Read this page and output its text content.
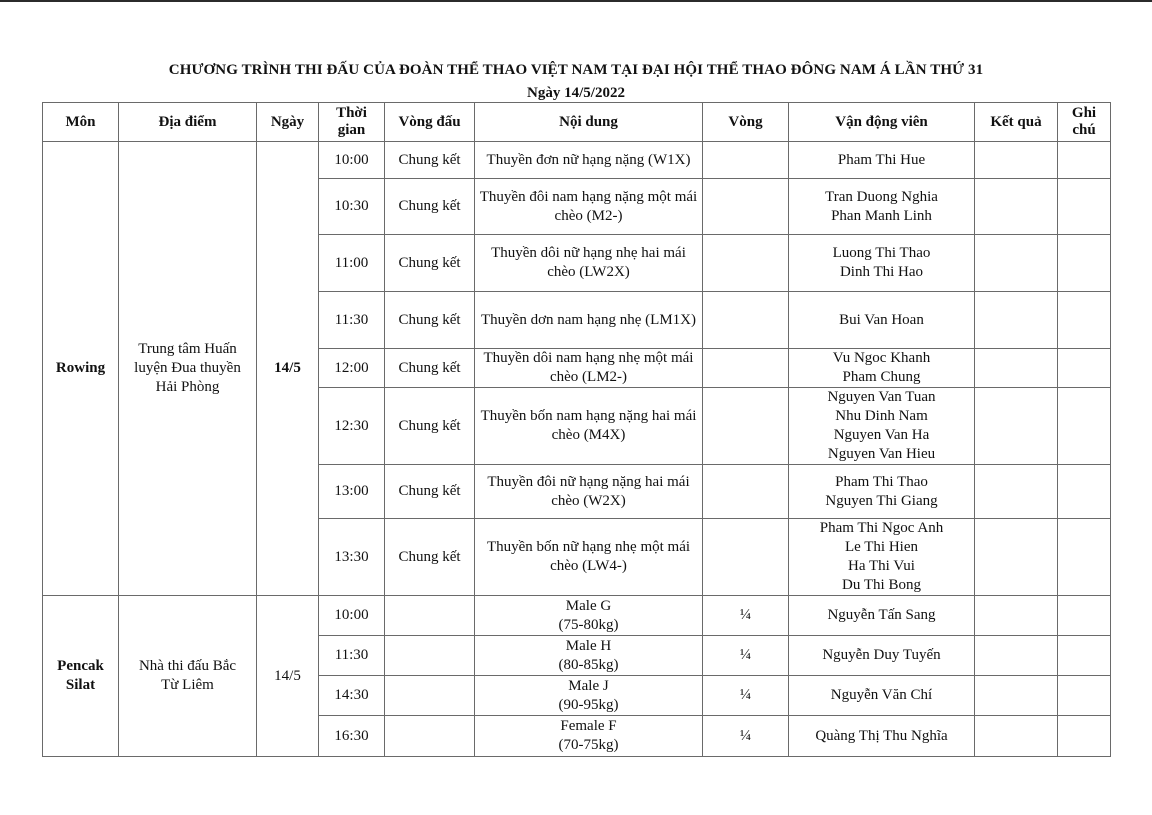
CHƯƠNG TRÌNH THI ĐẤU CỦA ĐOÀN THỂ THAO VIỆT NAM TẠI ĐẠI HỘI THỂ THAO ĐÔNG NAM Á LẦN THỨ 31
Ngày 14/5/2022
Môn	Địa điểm	Ngày	Thời
gian	Vòng đấu	Nội dung	Vòng	Vận động viên	Kết quả	Ghi
chú

Rowing	Trung tâm Huấn luyện Đua thuyền Hải Phòng	14/5	10:00	Chung kết	Thuyền đơn nữ hạng nặng (W1X)		Pham Thi Hue		

			10:30	Chung kết	Thuyền đôi nam hạng nặng một mái chèo (M2-)		Tran Duong Nghia
Phan Manh Linh		

			11:00	Chung kết	Thuyền dôi nữ hạng nhẹ hai mái chèo (LW2X)		Luong Thi Thao
Dinh Thi Hao		

			11:30	Chung kết	Thuyền dơn nam hạng nhẹ (LM1X)		Bui Van Hoan		

			12:00	Chung kết	Thuyền dôi nam hạng nhẹ một mái chèo (LM2-)		Vu Ngoc Khanh
Pham Chung		

			12:30	Chung kết	Thuyền bốn nam hạng nặng hai mái chèo (M4X)		Nguyen Van Tuan
Nhu Dinh Nam
Nguyen Van Ha
Nguyen Van Hieu		

			13:00	Chung kết	Thuyền đôi nữ hạng nặng hai mái chèo (W2X)		Pham Thi Thao
Nguyen Thi Giang		

			13:30	Chung kết	Thuyền bốn nữ hạng nhẹ một mái chèo (LW4-)		Pham Thi Ngoc Anh
Le Thi Hien
Ha Thi Vui
Du Thi Bong		

Pencak
Silat	Nhà thi đấu Bắc
Từ Liêm	14/5	10:00		Male G
(75-80kg)	¼	Nguyễn Tấn Sang		
			11:30		Male H
(80-85kg)	¼	Nguyễn Duy Tuyến		
			14:30		Male J
(90-95kg)	¼	Nguyễn Văn Chí		
			16:30		Female F
(70-75kg)	¼	Quàng Thị Thu Nghĩa		
